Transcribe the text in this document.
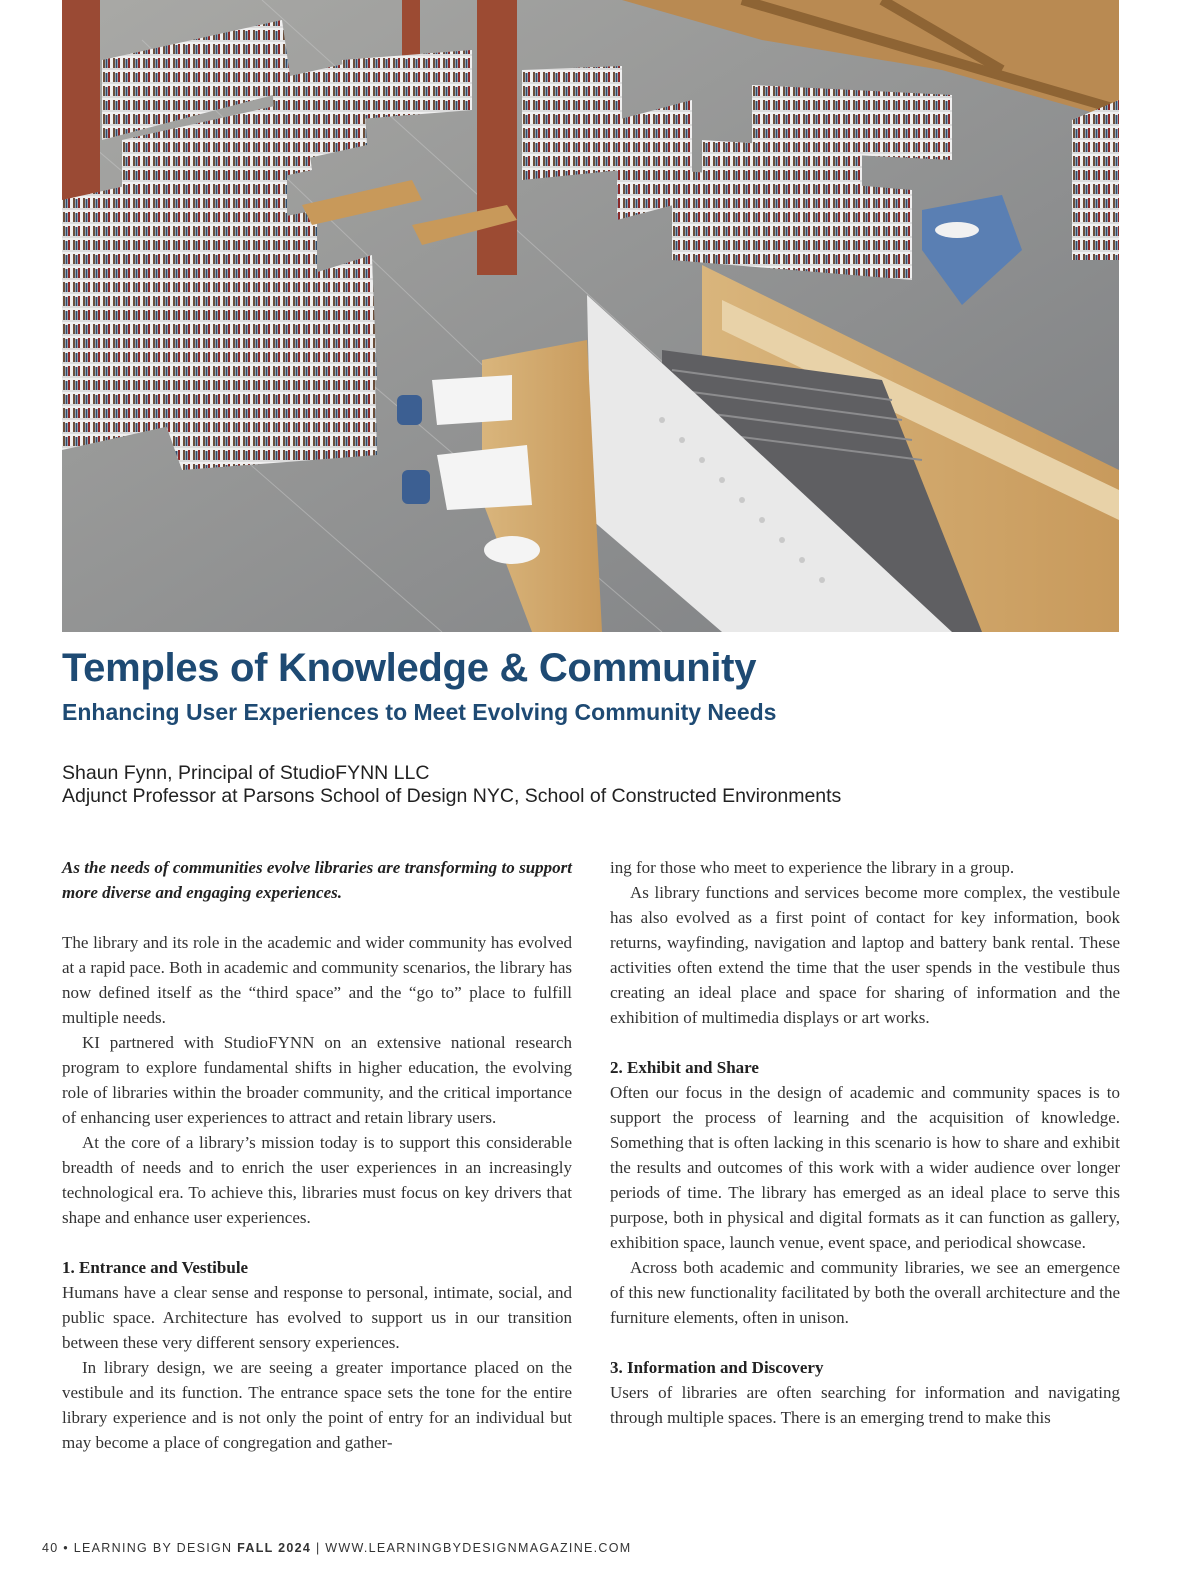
Temples of Knowledge & Community
Enhancing User Experiences to Meet Evolving Community Needs
Shaun Fynn, Principal of StudioFYNN LLC
Adjunct Professor at Parsons School of Design NYC, School of Constructed Environments

As the needs of communities evolve libraries are transforming to support more diverse and engaging experiences.

The library and its role in the academic and wider community has evolved at a rapid pace. Both in academic and community scenarios, the library has now defined itself as the “third space” and the “go to” place to fulfill multiple needs.

KI partnered with StudioFYNN on an extensive national research program to explore fundamental shifts in higher education, the evolving role of libraries within the broader community, and the critical importance of enhancing user experiences to attract and retain library users.

At the core of a library’s mission today is to support this considerable breadth of needs and to enrich the user experiences in an increasingly technological era. To achieve this, libraries must focus on key drivers that shape and enhance user experiences.

1. Entrance and Vestibule

Humans have a clear sense and response to personal, intimate, social, and public space. Architecture has evolved to support us in our transition between these very different sensory experiences.

In library design, we are seeing a greater importance placed on the vestibule and its function. The entrance space sets the tone for the entire library experience and is not only the point of entry for an individual but may become a place of congregation and gather-

ing for those who meet to experience the library in a group.

As library functions and services become more complex, the vestibule has also evolved as a first point of contact for key information, book returns, wayfinding, navigation and laptop and battery bank rental. These activities often extend the time that the user spends in the vestibule thus creating an ideal place and space for sharing of information and the exhibition of multimedia displays or art works.

2. Exhibit and Share

Often our focus in the design of academic and community spaces is to support the process of learning and the acquisition of knowledge. Something that is often lacking in this scenario is how to share and exhibit the results and outcomes of this work with a wider audience over longer periods of time. The library has emerged as an ideal place to serve this purpose, both in physical and digital formats as it can function as gallery, exhibition space, launch venue, event space, and periodical showcase.

Across both academic and community libraries, we see an emergence of this new functionality facilitated by both the overall architecture and the furniture elements, often in unison.

3. Information and Discovery

Users of libraries are often searching for information and navigating through multiple spaces. There is an emerging trend to make this

40 • LEARNING BY DESIGN FALL 2024 | WWW.LEARNINGBYDESIGNMAGAZINE.COM
